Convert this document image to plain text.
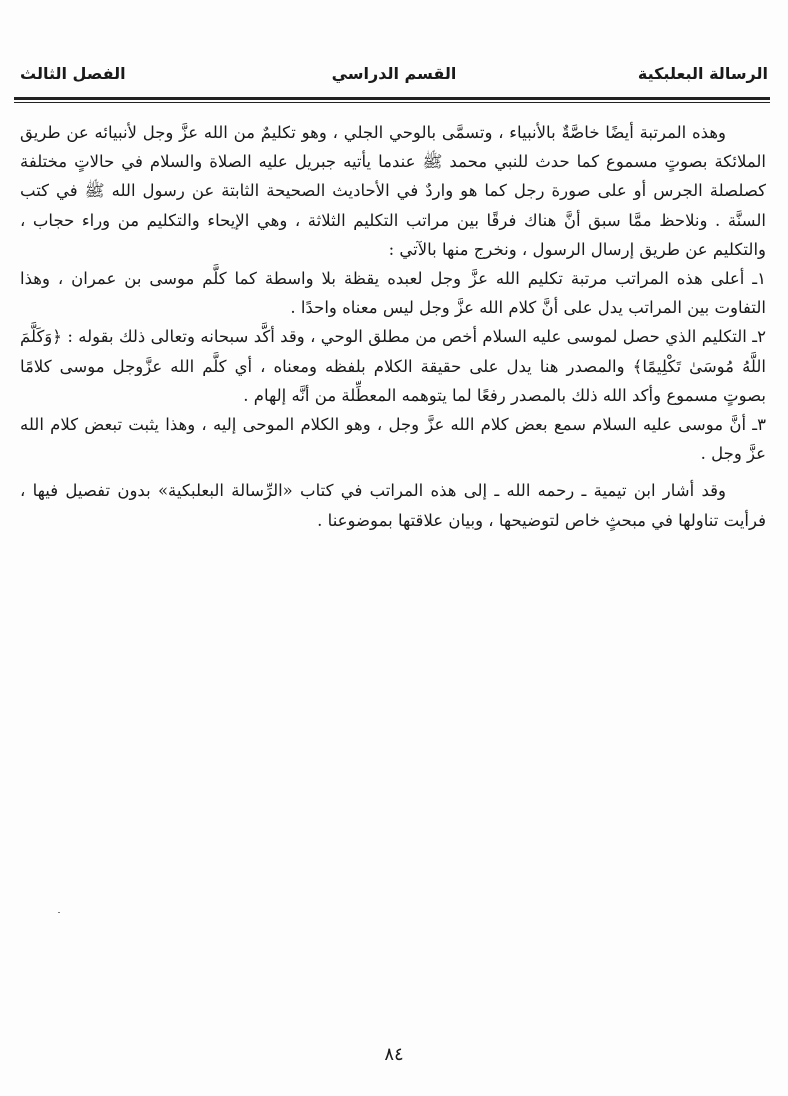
الرسالة البعلبكية
القسم الدراسي
الفصل الثالث

وهذه المرتبة أيضًا خاصَّةٌ بالأنبياء ، وتسمَّى بالوحي الجلي ، وهو تكليمٌ من الله عزَّ وجل لأنبيائه عن طريق الملائكة بصوتٍ مسموع كما حدث للنبي محمد ﷺ عندما يأتيه جبريل عليه الصلاة والسلام في حالاتٍ مختلفة كصلصلة الجرس أو على صورة رجل كما هو واردٌ في الأحاديث الصحيحة الثابتة عن رسول الله ﷺ في كتب السنَّة . ونلاحظ ممَّا سبق أنَّ هناك فرقًا بين مراتب التكليم الثلاثة ، وهي الإيحاء والتكليم من وراء حجاب ، والتكليم عن طريق إرسال الرسول ، ونخرج منها بالآتي :

١ـ أعلى هذه المراتب مرتبة تكليم الله عزَّ وجل لعبده يقظة بلا واسطة كما كلَّم موسى بن عمران ، وهذا التفاوت بين المراتب يدل على أنَّ كلام الله عزَّ وجل ليس معناه واحدًا .

٢ـ التكليم الذي حصل لموسى عليه السلام أخص من مطلق الوحي ، وقد أكَّد سبحانه وتعالى ذلك بقوله : ﴿وَكَلَّمَ اللَّهُ مُوسَىٰ تَكْلِيمًا﴾ والمصدر هنا يدل على حقيقة الكلام بلفظه ومعناه ، أي كلَّم الله عزَّوجل موسى كلامًا بصوتٍ مسموع وأكد الله ذلك بالمصدر رفعًا لما يتوهمه المعطِّلة من أنَّه إلهام .

٣ـ أنَّ موسى عليه السلام سمع بعض كلام الله عزَّ وجل ، وهو الكلام الموحى إليه ، وهذا يثبت تبعض كلام الله عزَّ وجل .

وقد أشار ابن تيمية ـ رحمه الله ـ إلى هذه المراتب في كتاب «الرِّسالة البعلبكية» بدون تفصيل فيها ، فرأيت تناولها في مبحثٍ خاص لتوضيحها ، وبيان علاقتها بموضوعنا .

٨٤
